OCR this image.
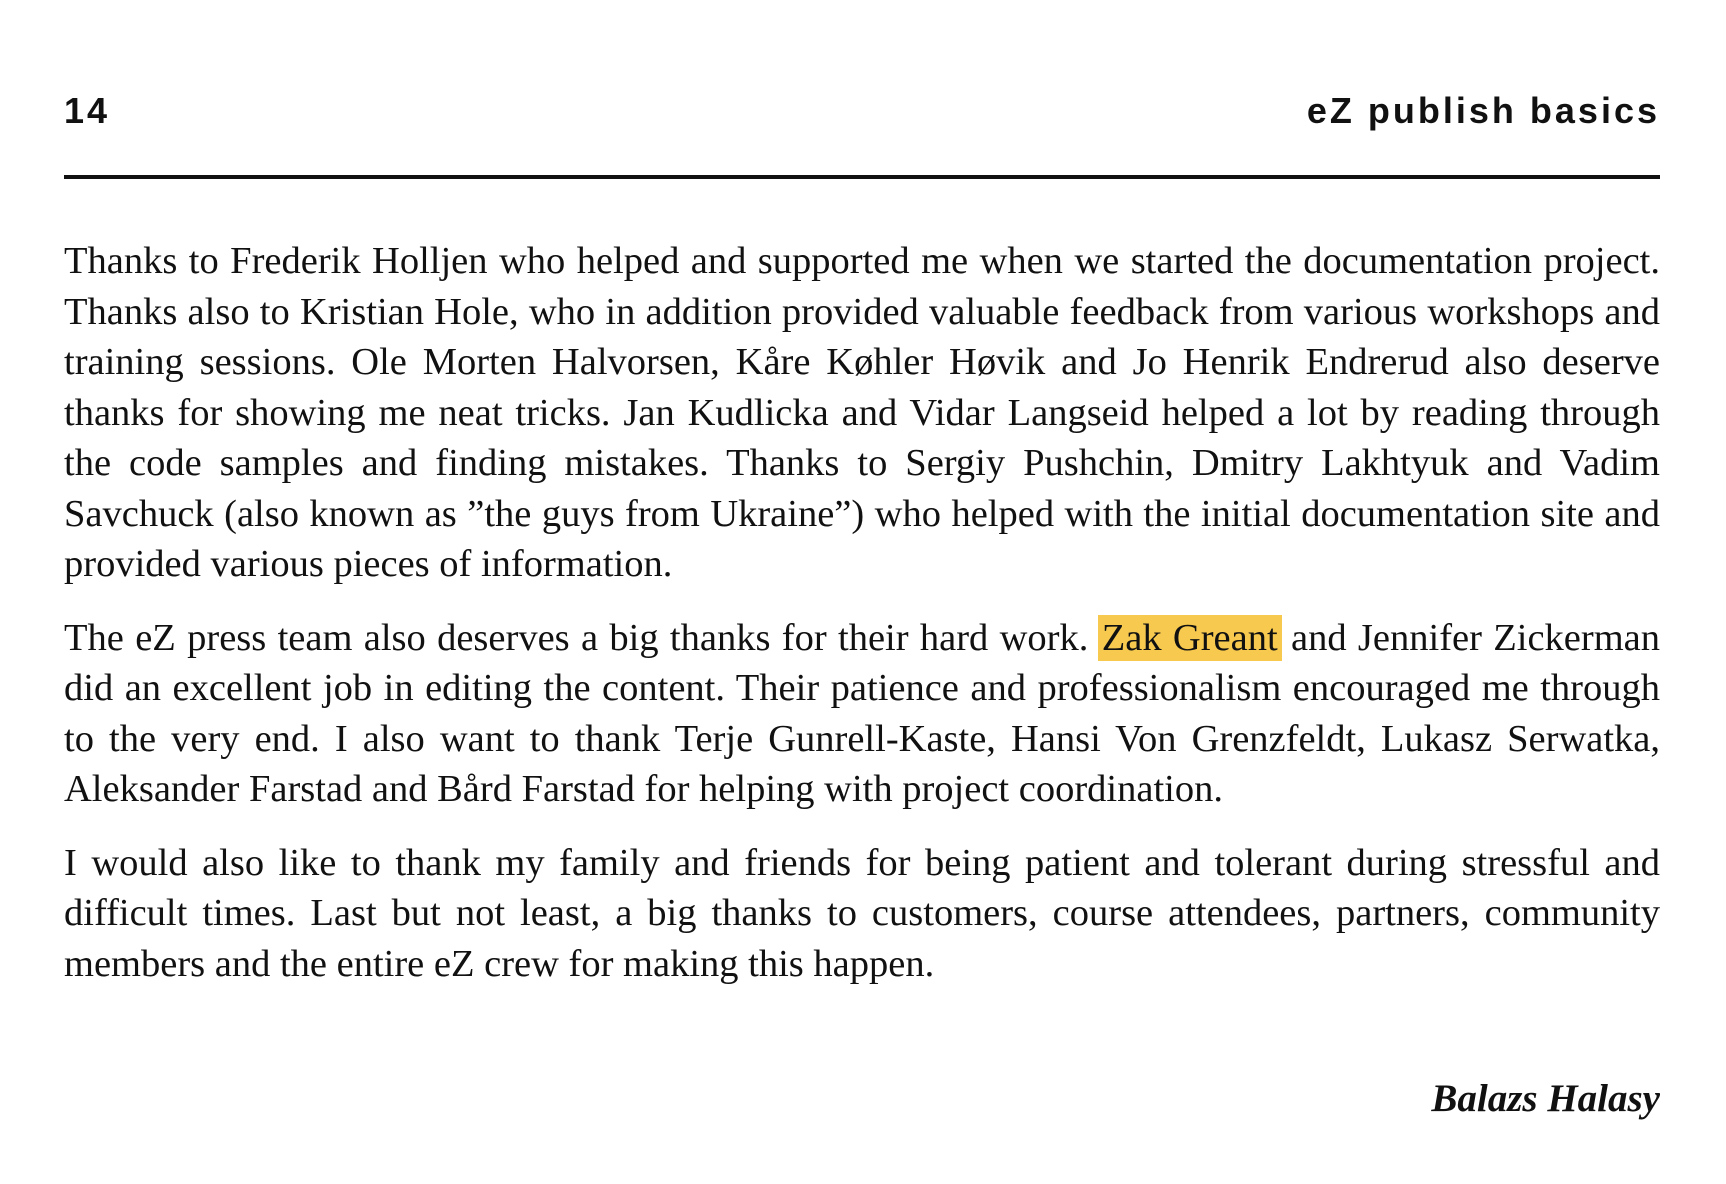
14	eZ publish basics

Thanks to Frederik Holljen who helped and supported me when we started the documentation project. Thanks also to Kristian Hole, who in addition provided valuable feedback from various workshops and training sessions. Ole Morten Halvorsen, Kåre Køhler Høvik and Jo Henrik Endrerud also deserve thanks for showing me neat tricks. Jan Kudlicka and Vidar Langseid helped a lot by reading through the code samples and finding mistakes. Thanks to Sergiy Pushchin, Dmitry Lakhtyuk and Vadim Savchuck (also known as ”the guys from Ukraine”) who helped with the initial documentation site and provided various pieces of information.

The eZ press team also deserves a big thanks for their hard work. Zak Greant and Jennifer Zickerman did an excellent job in editing the content. Their patience and professionalism encouraged me through to the very end. I also want to thank Terje Gunrell-Kaste, Hansi Von Grenzfeldt, Lukasz Serwatka, Aleksander Farstad and Bård Farstad for helping with project coordination.

I would also like to thank my family and friends for being patient and tolerant during stressful and difficult times. Last but not least, a big thanks to customers, course attendees, partners, community members and the entire eZ crew for making this happen.

Balazs Halasy
